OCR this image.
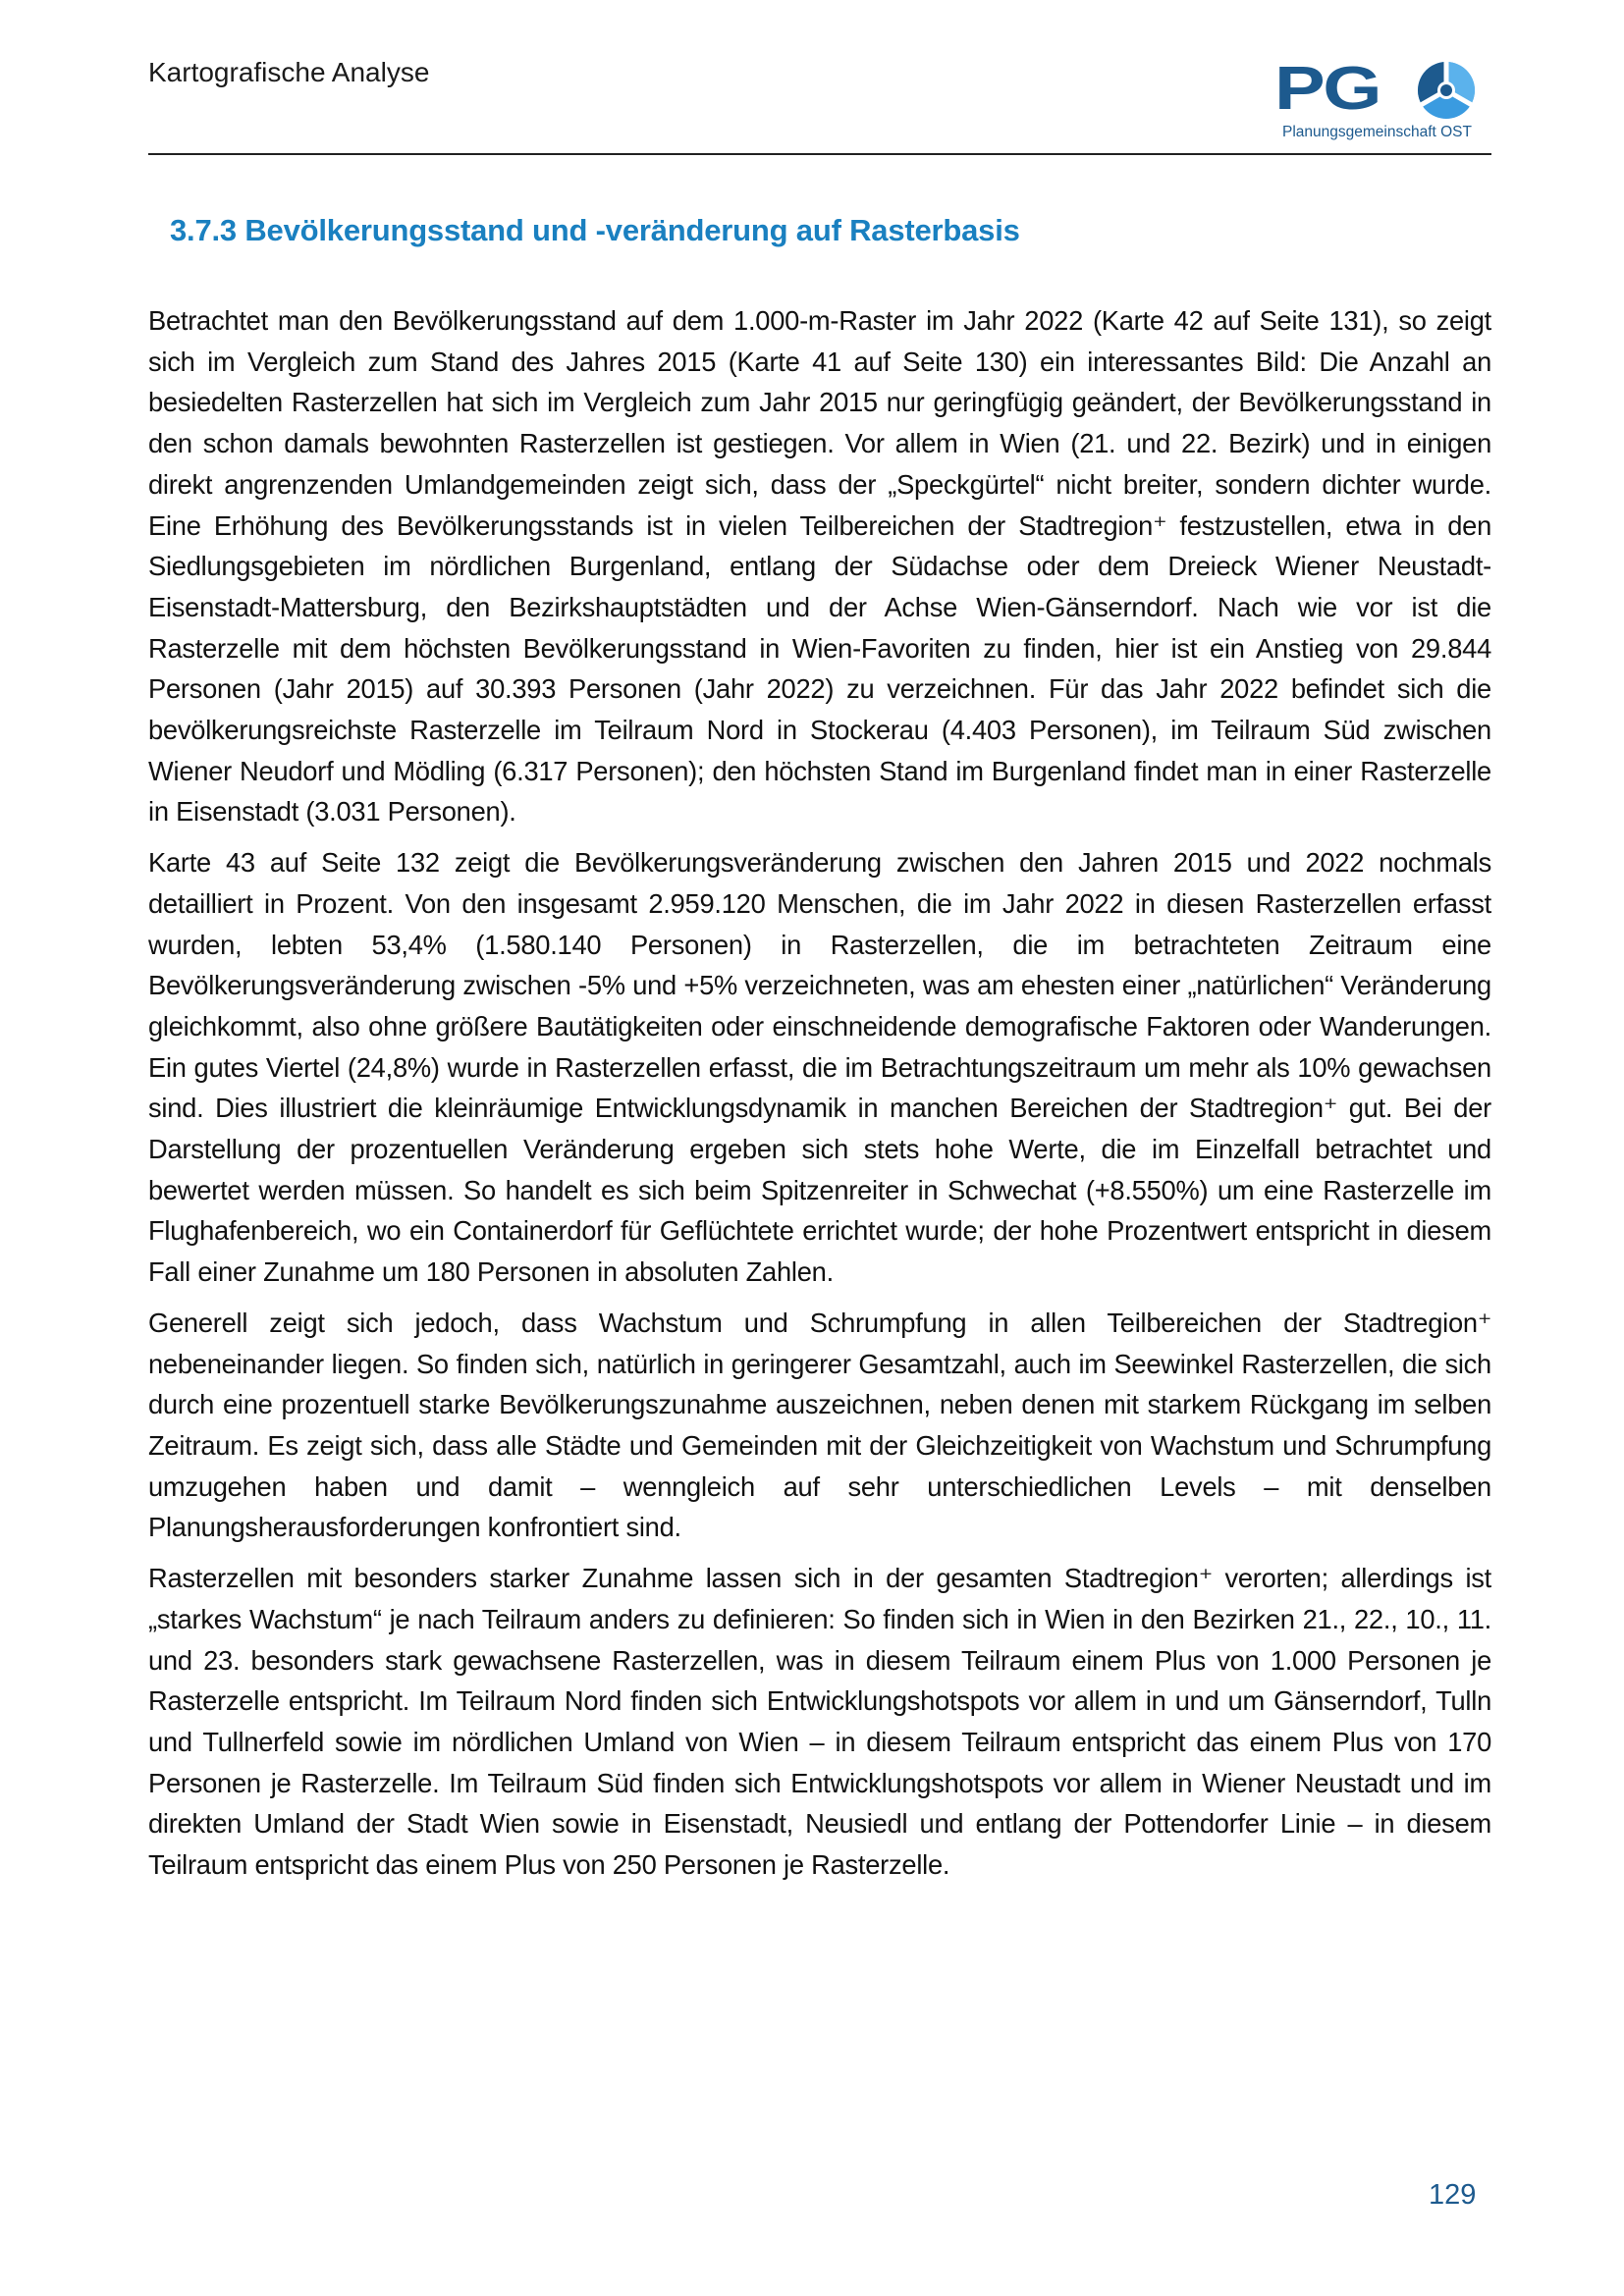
Kartografische Analyse	PG
Planungsgemeinschaft OST
3.7.3 Bevölkerungsstand und -veränderung auf Rasterbasis

Betrachtet man den Bevölkerungsstand auf dem 1.000-m-Raster im Jahr 2022 (Karte 42 auf Seite 131), so zeigt sich im Vergleich zum Stand des Jahres 2015 (Karte 41 auf Seite 130) ein interessantes Bild: Die Anzahl an besiedelten Rasterzellen hat sich im Vergleich zum Jahr 2015 nur geringfügig geändert, der Bevölkerungsstand in den schon damals bewohnten Rasterzellen ist gestiegen. Vor allem in Wien (21. und 22. Bezirk) und in einigen direkt angrenzenden Umlandgemeinden zeigt sich, dass der „Speckgürtel“ nicht breiter, sondern dichter wurde. Eine Erhöhung des Bevölkerungsstands ist in vielen Teilbereichen der Stadtregion⁺ festzustellen, etwa in den Siedlungsgebieten im nördlichen Burgenland, entlang der Südachse oder dem Dreieck Wiener Neustadt-Eisenstadt-Mattersburg, den Bezirkshauptstädten und der Achse Wien-Gänserndorf. Nach wie vor ist die Rasterzelle mit dem höchsten Bevölkerungsstand in Wien-Favoriten zu finden, hier ist ein Anstieg von 29.844 Personen (Jahr 2015) auf 30.393 Personen (Jahr 2022) zu verzeichnen. Für das Jahr 2022 befindet sich die bevölkerungsreichste Rasterzelle im Teilraum Nord in Stockerau (4.403 Personen), im Teilraum Süd zwischen Wiener Neudorf und Mödling (6.317 Personen); den höchsten Stand im Burgenland findet man in einer Rasterzelle in Eisenstadt (3.031 Personen).

Karte 43 auf Seite 132 zeigt die Bevölkerungsveränderung zwischen den Jahren 2015 und 2022 nochmals detailliert in Prozent. Von den insgesamt 2.959.120 Menschen, die im Jahr 2022 in diesen Rasterzellen erfasst wurden, lebten 53,4% (1.580.140 Personen) in Rasterzellen, die im betrachteten Zeitraum eine Bevölkerungsveränderung zwischen -5% und +5% verzeichneten, was am ehesten einer „natürlichen“ Veränderung gleichkommt, also ohne größere Bautätigkeiten oder einschneidende demografische Faktoren oder Wanderungen. Ein gutes Viertel (24,8%) wurde in Rasterzellen erfasst, die im Betrachtungszeitraum um mehr als 10% gewachsen sind. Dies illustriert die kleinräumige Entwicklungsdynamik in manchen Bereichen der Stadtregion⁺ gut. Bei der Darstellung der prozentuellen Veränderung ergeben sich stets hohe Werte, die im Einzelfall betrachtet und bewertet werden müssen. So handelt es sich beim Spitzenreiter in Schwechat (+8.550%) um eine Rasterzelle im Flughafenbereich, wo ein Containerdorf für Geflüchtete errichtet wurde; der hohe Prozentwert entspricht in diesem Fall einer Zunahme um 180 Personen in absoluten Zahlen.

Generell zeigt sich jedoch, dass Wachstum und Schrumpfung in allen Teilbereichen der Stadtregion⁺ nebeneinander liegen. So finden sich, natürlich in geringerer Gesamtzahl, auch im Seewinkel Rasterzellen, die sich durch eine prozentuell starke Bevölkerungszunahme auszeichnen, neben denen mit starkem Rückgang im selben Zeitraum. Es zeigt sich, dass alle Städte und Gemeinden mit der Gleichzeitigkeit von Wachstum und Schrumpfung umzugehen haben und damit – wenngleich auf sehr unterschiedlichen Levels – mit denselben Planungsherausforderungen konfrontiert sind.

Rasterzellen mit besonders starker Zunahme lassen sich in der gesamten Stadtregion⁺ verorten; allerdings ist „starkes Wachstum“ je nach Teilraum anders zu definieren: So finden sich in Wien in den Bezirken 21., 22., 10., 11. und 23. besonders stark gewachsene Rasterzellen, was in diesem Teilraum einem Plus von 1.000 Personen je Rasterzelle entspricht. Im Teilraum Nord finden sich Entwicklungshotspots vor allem in und um Gänserndorf, Tulln und Tullnerfeld sowie im nördlichen Umland von Wien – in diesem Teilraum entspricht das einem Plus von 170 Personen je Rasterzelle. Im Teilraum Süd finden sich Entwicklungshotspots vor allem in Wiener Neustadt und im direkten Umland der Stadt Wien sowie in Eisenstadt, Neusiedl und entlang der Pottendorfer Linie – in diesem Teilraum entspricht das einem Plus von 250 Personen je Rasterzelle.

129
